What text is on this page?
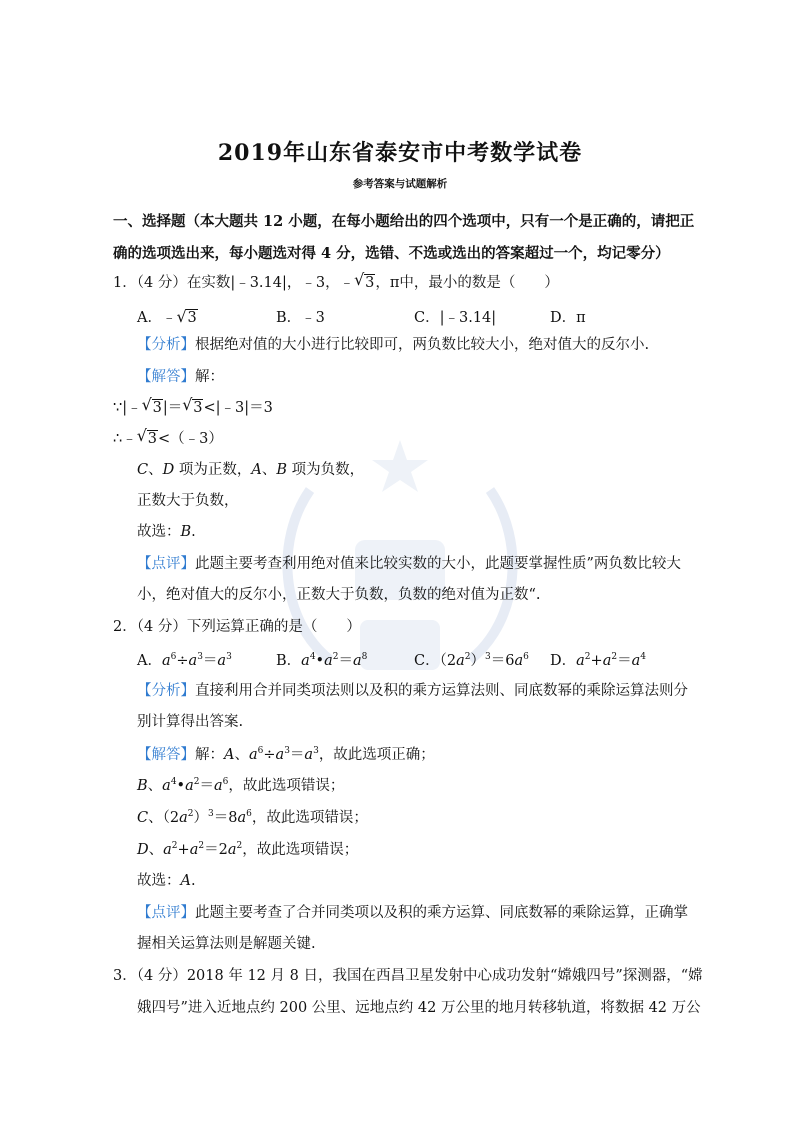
2019年山东省泰安市中考数学试卷
参考答案与试题解析
一、选择题（本大题共 12 小题，在每小题给出的四个选项中，只有一个是正确的，请把正
确的选项选出来，每小题选对得 4 分，选错、不选或选出的答案超过一个，均记零分）
1．（4 分）在实数|﹣3.14|，﹣3，﹣ √ 3，π中，最小的数是（　　）
A．﹣ √ 3	B．﹣3	C．|﹣3.14|	D．π
【分析】根据绝对值的大小进行比较即可，两负数比较大小，绝对值大的反尔小.
【解答】解：
∵|﹣ √ 3|＝ √ 3<|﹣3|＝3
∴﹣ √ 3<（﹣3）
C、D 项为正数，A、B 项为负数，
正数大于负数，
故选：B.
【点评】此题主要考查利用绝对值来比较实数的大小，此题要掌握性质”两负数比较大
小，绝对值大的反尔小，正数大于负数，负数的绝对值为正数“.
2．（4 分）下列运算正确的是（　　）
A．$a^6\div a^3=a^3$	B．$a^4•a^2=a^8$	C．$(2a^2)^3=6a^6$ D．$a^2+a^2=a^4$
【分析】直接利用合并同类项法则以及积的乘方运算法则、同底数幂的乘除运算法则分
别计算得出答案.
【解答】解：A、$a^6\div a^3=a^3$，故此选项正确；
B、$a^4•a^2=a^6$，故此选项错误；
C、$(2a^2)^3=8a^6$，故此选项错误；
D、$a^2+a^2=2a^2$，故此选项错误；
故选：A.
【点评】此题主要考查了合并同类项以及积的乘方运算、同底数幂的乘除运算，正确掌
握相关运算法则是解题关键.
3．（4 分）2018 年 12 月 8 日，我国在西昌卫星发射中心成功发射“嫦娥四号”探测器，“嫦
娥四号”进入近地点约 200 公里、远地点约 42 万公里的地月转移轨道，将数据 42 万公
